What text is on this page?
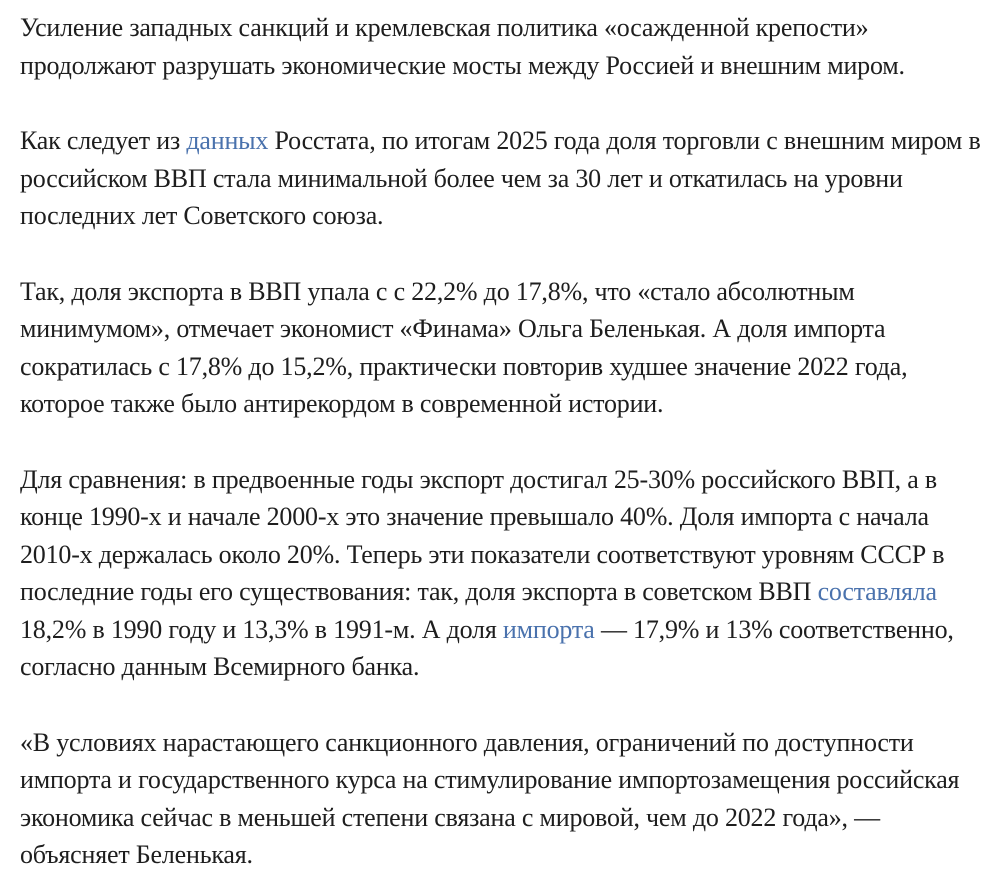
Усиление западных санкций и кремлевская политика «осажденной крепости» продолжают разрушать экономические мосты между Россией и внешним миром.

Как следует из данных Росстата, по итогам 2025 года доля торговли с внешним миром в российском ВВП стала минимальной более чем за 30 лет и откатилась на уровни последних лет Советского союза.

Так, доля экспорта в ВВП упала с с 22,2% до 17,8%, что «стало абсолютным минимумом», отмечает экономист «Финама» Ольга Беленькая. А доля импорта сократилась с 17,8% до 15,2%, практически повторив худшее значение 2022 года, которое также было антирекордом в современной истории.

Для сравнения: в предвоенные годы экспорт достигал 25-30% российского ВВП, а в конце 1990-х и начале 2000-х это значение превышало 40%. Доля импорта с начала 2010-х держалась около 20%. Теперь эти показатели соответствуют уровням СССР в последние годы его существования: так, доля экспорта в советском ВВП составляла 18,2% в 1990 году и 13,3% в 1991-м. А доля импорта — 17,9% и 13% соответственно, согласно данным Всемирного банка.

«В условиях нарастающего санкционного давления, ограничений по доступности импорта и государственного курса на стимулирование импортозамещения российская экономика сейчас в меньшей степени связана с мировой, чем до 2022 года», — объясняет Беленькая.
